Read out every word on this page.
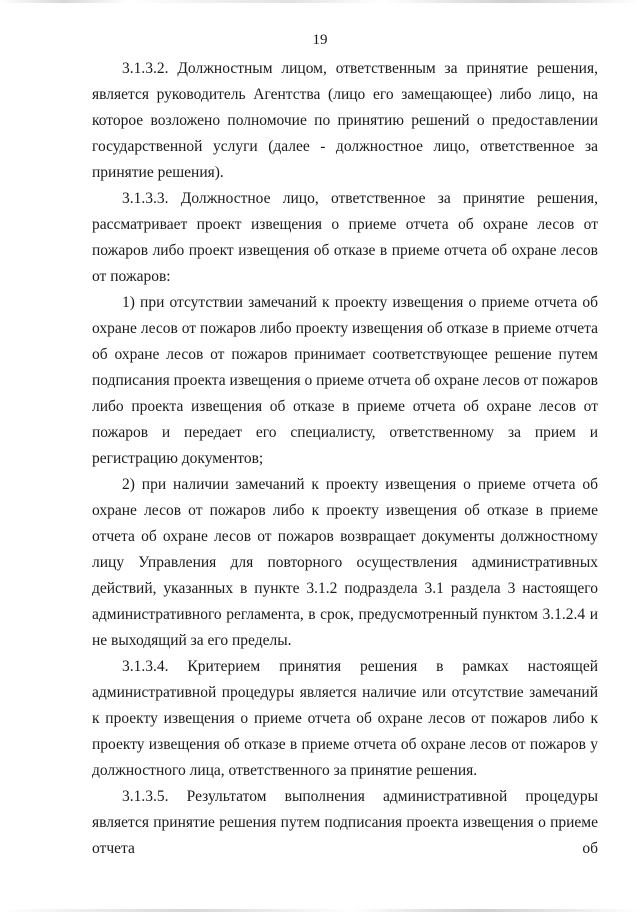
19

3.1.3.2. Должностным лицом, ответственным за принятие решения, является руководитель Агентства (лицо его замещающее) либо лицо, на которое возложено полномочие по принятию решений о предоставлении государственной услуги (далее - должностное лицо, ответственное за принятие решения).

3.1.3.3. Должностное лицо, ответственное за принятие решения, рассматривает проект извещения о приеме отчета об охране лесов от пожаров либо проект извещения об отказе в приеме отчета об охране лесов от пожаров:

1) при отсутствии замечаний к проекту извещения о приеме отчета об охране лесов от пожаров либо проекту извещения об отказе в приеме отчета об охране лесов от пожаров принимает соответствующее решение путем подписания проекта извещения о приеме отчета об охране лесов от пожаров либо проекта извещения об отказе в приеме отчета об охране лесов от пожаров и передает его специалисту, ответственному за прием и регистрацию документов;

2) при наличии замечаний к проекту извещения о приеме отчета об охране лесов от пожаров либо к проекту извещения об отказе в приеме отчета об охране лесов от пожаров возвращает документы должностному лицу Управления для повторного осуществления административных действий, указанных в пункте 3.1.2 подраздела 3.1 раздела 3 настоящего административного регламента, в срок, предусмотренный пунктом 3.1.2.4 и не выходящий за его пределы.

3.1.3.4. Критерием принятия решения в рамках настоящей административной процедуры является наличие или отсутствие замечаний к проекту извещения о приеме отчета об охране лесов от пожаров либо к проекту извещения об отказе в приеме отчета об охране лесов от пожаров у должностного лица, ответственного за принятие решения.

3.1.3.5. Результатом выполнения административной процедуры является принятие решения путем подписания проекта извещения о приеме отчета об
